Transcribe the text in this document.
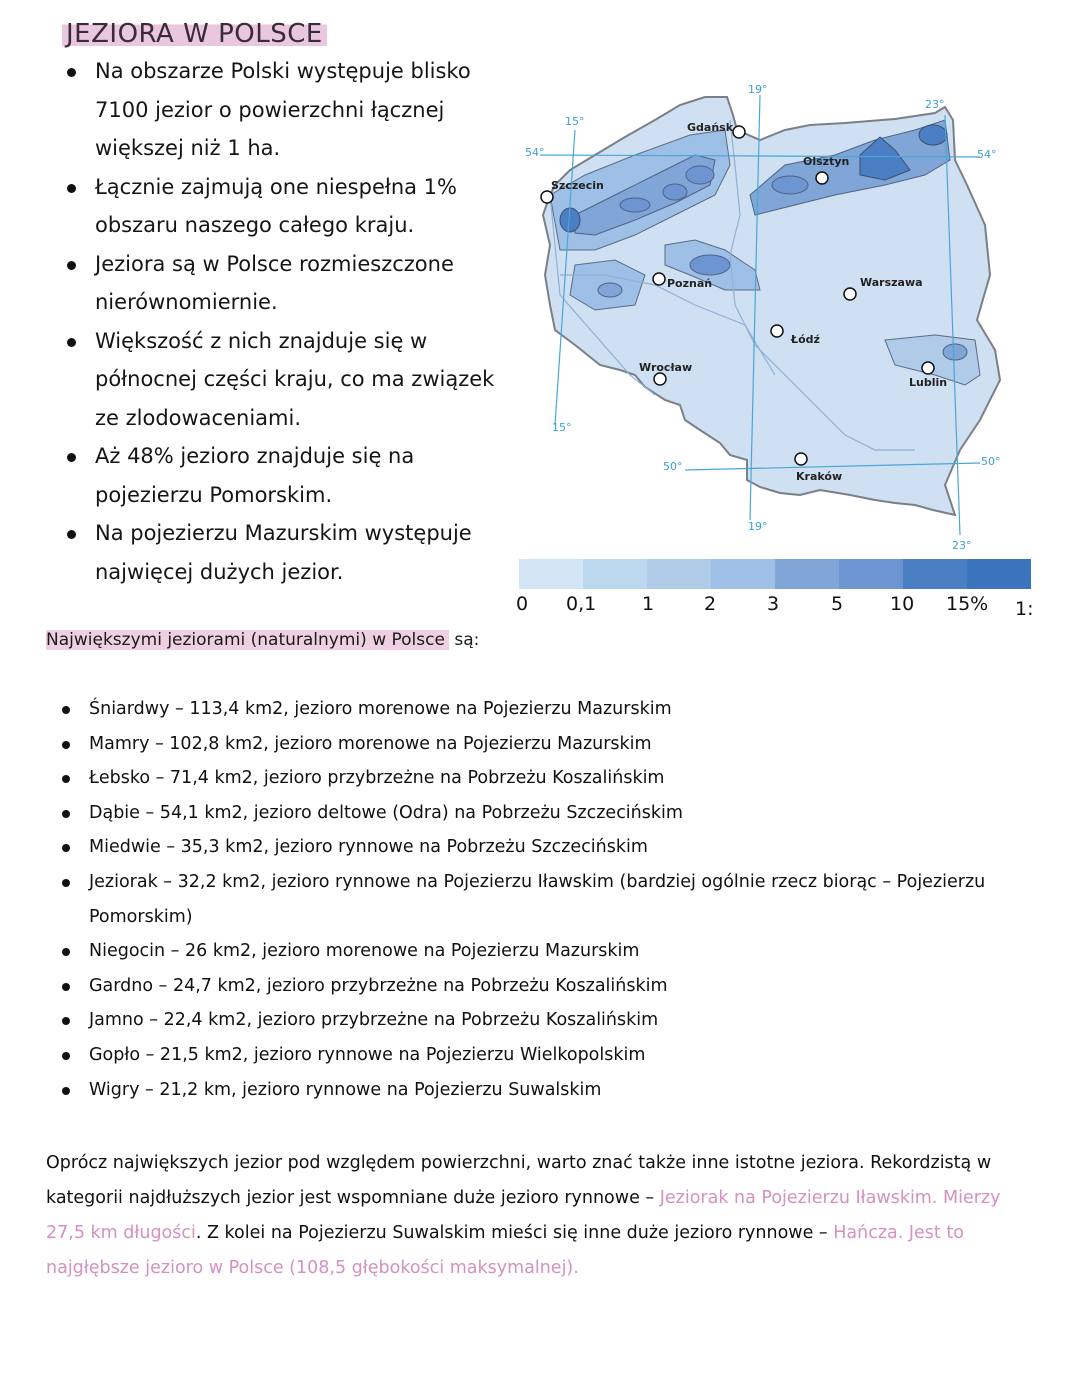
JEZIORA W POLSCE
Na obszarze Polski występuje blisko 7100 jezior o powierzchni łącznej większej niż 1 ha.
Łącznie zajmują one niespełna 1% obszaru naszego całego kraju.
Jeziora są w Polsce rozmieszczone nierównomiernie.
Większość z nich znajduje się w północnej części kraju, co ma związek ze zlodowaceniami.
Aż 48% jezioro znajduje się na pojezierzu Pomorskim.
Na pojezierzu Mazurskim występuje najwięcej dużych jezior.
15°
19°
23°
54°	54°
15°
19°
23°
50°	50°
Gdańsk
Szczecin
Olsztyn
Poznań	Warszawa
Łódź
Wrocław
Lublin
Kraków
0 0,1 1	2	3	5 10 15% 1:
Największymi jeziorami (naturalnymi) w Polsce są:
Śniardwy – 113,4 km2, jezioro morenowe na Pojezierzu Mazurskim
Mamry – 102,8 km2, jezioro morenowe na Pojezierzu Mazurskim
Łebsko – 71,4 km2, jezioro przybrzeżne na Pobrzeżu Koszalińskim
Dąbie – 54,1 km2, jezioro deltowe (Odra) na Pobrzeżu Szczecińskim
Miedwie – 35,3 km2, jezioro rynnowe na Pobrzeżu Szczecińskim
Jeziorak – 32,2 km2, jezioro rynnowe na Pojezierzu Iławskim (bardziej ogólnie rzecz biorąc – Pojezierzu Pomorskim)
Niegocin – 26 km2, jezioro morenowe na Pojezierzu Mazurskim
Gardno – 24,7 km2, jezioro przybrzeżne na Pobrzeżu Koszalińskim
Jamno – 22,4 km2, jezioro przybrzeżne na Pobrzeżu Koszalińskim
Gopło – 21,5 km2, jezioro rynnowe na Pojezierzu Wielkopolskim
Wigry – 21,2 km, jezioro rynnowe na Pojezierzu Suwalskim

Oprócz największych jezior pod względem powierzchni, warto znać także inne istotne jeziora. Rekordzistą w kategorii najdłuższych jezior jest wspomniane duże jezioro rynnowe – Jeziorak na Pojezierzu Iławskim. Mierzy 27,5 km długości. Z kolei na Pojezierzu Suwalskim mieści się inne duże jezioro rynnowe – Hańcza. Jest to najgłębsze jezioro w Polsce (108,5 głębokości maksymalnej).
